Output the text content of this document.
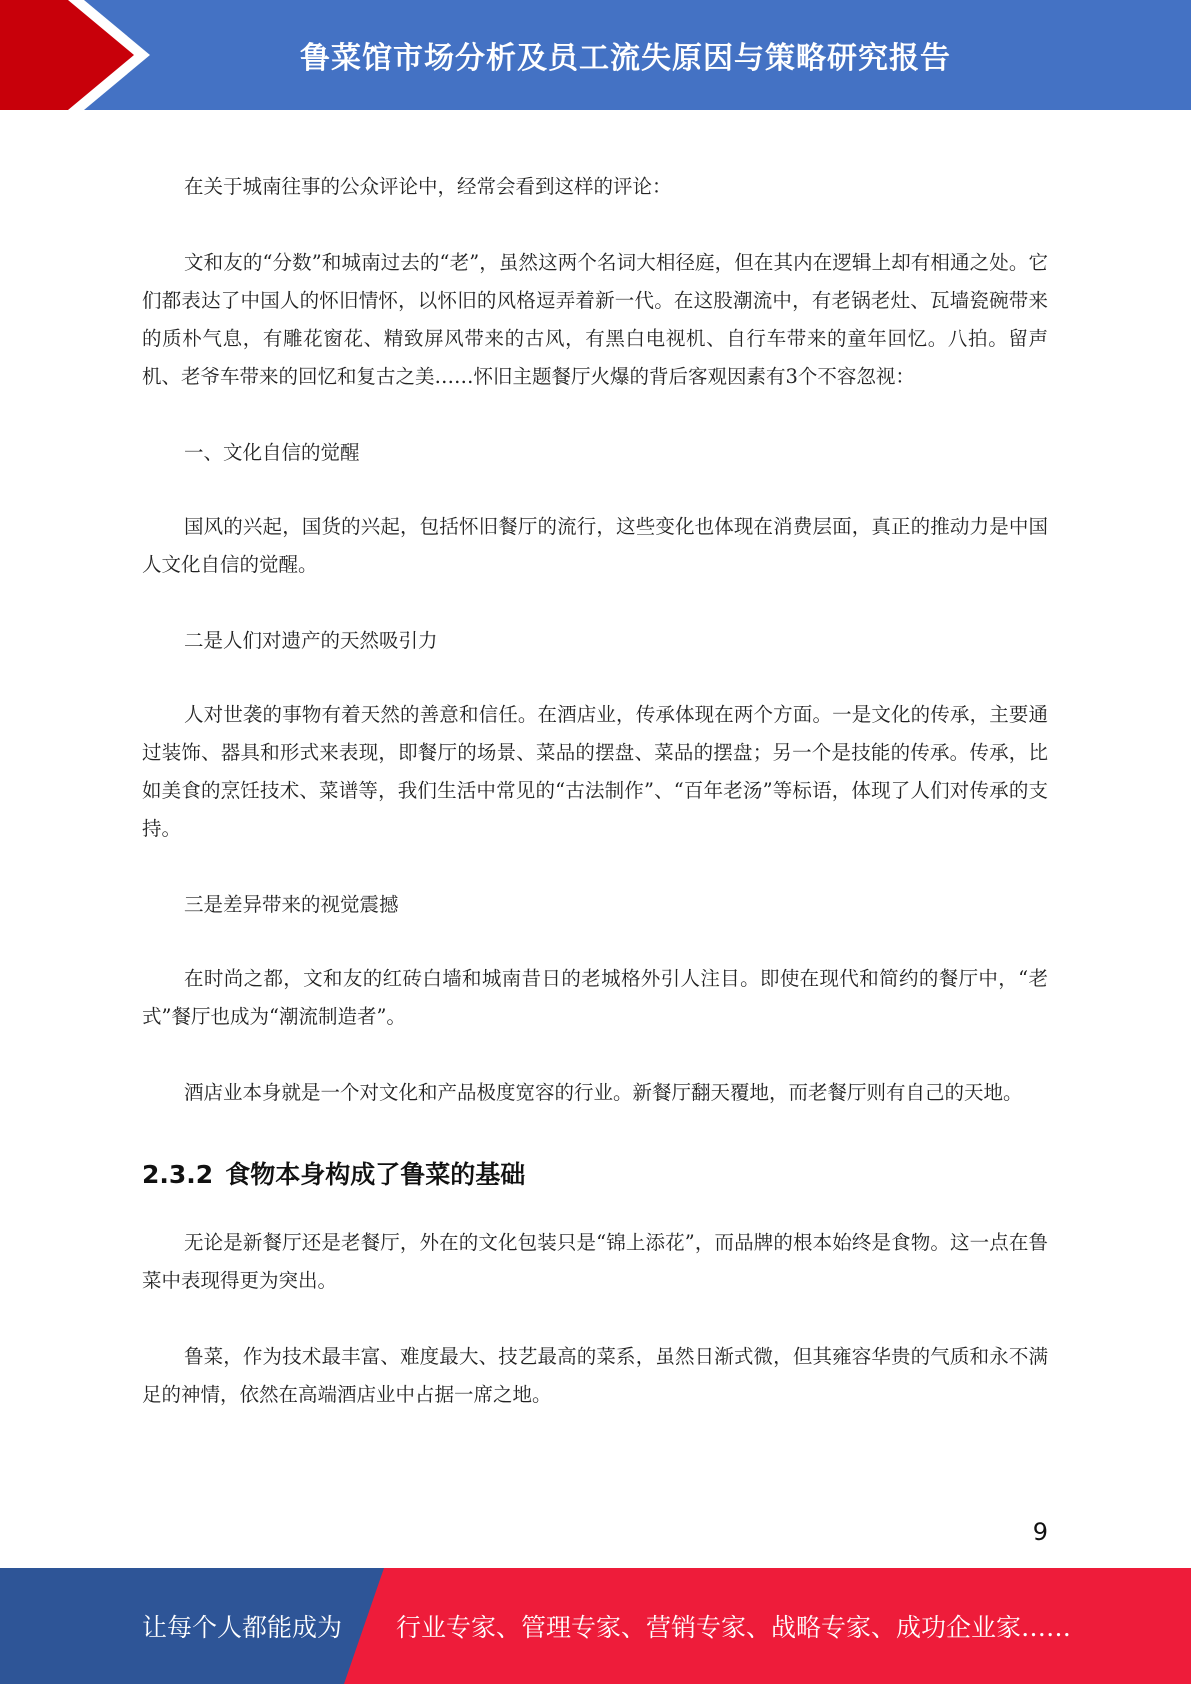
鲁菜馆市场分析及员工流失原因与策略研究报告

在关于城南往事的公众评论中，经常会看到这样的评论：

文和友的“分数”和城南过去的“老”，虽然这两个名词大相径庭，但在其内在逻辑上却有相通之处。它们都表达了中国人的怀旧情怀，以怀旧的风格逗弄着新一代。在这股潮流中，有老锅老灶、瓦墙瓷碗带来的质朴气息，有雕花窗花、精致屏风带来的古风，有黑白电视机、自行车带来的童年回忆。八拍。留声机、老爷车带来的回忆和复古之美……怀旧主题餐厅火爆的背后客观因素有3个不容忽视：

一、文化自信的觉醒

国风的兴起，国货的兴起，包括怀旧餐厅的流行，这些变化也体现在消费层面，真正的推动力是中国人文化自信的觉醒。

二是人们对遗产的天然吸引力

人对世袭的事物有着天然的善意和信任。在酒店业，传承体现在两个方面。一是文化的传承，主要通过装饰、器具和形式来表现，即餐厅的场景、菜品的摆盘、菜品的摆盘；另一个是技能的传承。传承，比如美食的烹饪技术、菜谱等，我们生活中常见的“古法制作”、“百年老汤”等标语，体现了人们对传承的支持。

三是差异带来的视觉震撼

在时尚之都，文和友的红砖白墙和城南昔日的老城格外引人注目。即使在现代和简约的餐厅中，“老式”餐厅也成为“潮流制造者”。

酒店业本身就是一个对文化和产品极度宽容的行业。新餐厅翻天覆地，而老餐厅则有自己的天地。

2.3.2 食物本身构成了鲁菜的基础

无论是新餐厅还是老餐厅，外在的文化包装只是“锦上添花”，而品牌的根本始终是食物。这一点在鲁菜中表现得更为突出。

鲁菜，作为技术最丰富、难度最大、技艺最高的菜系，虽然日渐式微，但其雍容华贵的气质和永不满足的神情，依然在高端酒店业中占据一席之地。

9
让每个人都能成为 行业专家、管理专家、营销专家、战略专家、成功企业家……
